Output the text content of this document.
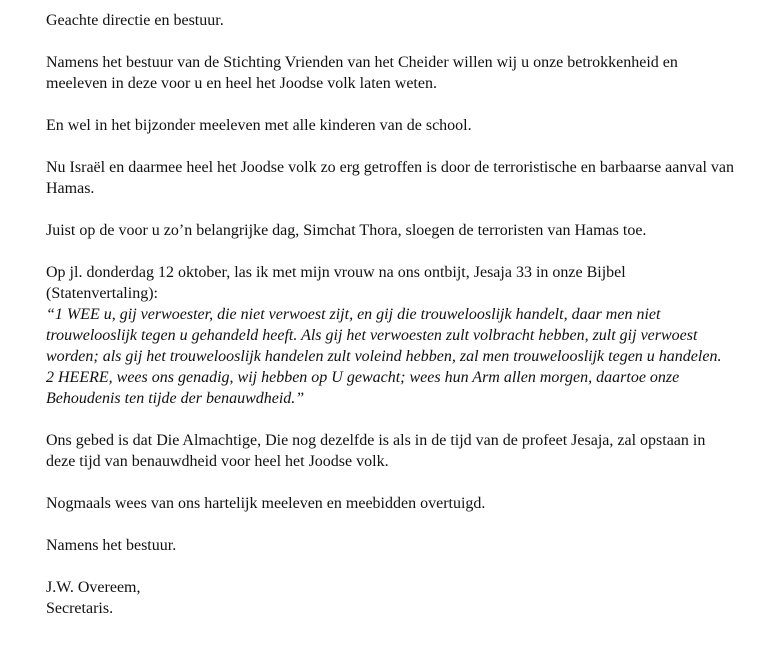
Geachte directie en bestuur.

Namens het bestuur van de Stichting Vrienden van het Cheider willen wij u onze betrokkenheid en meeleven in deze voor u en heel het Joodse volk laten weten.

En wel in het bijzonder meeleven met alle kinderen van de school.

Nu Israël en daarmee heel het Joodse volk zo erg getroffen is door de terroristische en barbaarse aanval van Hamas.

Juist op de voor u zo’n belangrijke dag, Simchat Thora, sloegen de terroristen van Hamas toe.

Op jl. donderdag 12 oktober, las ik met mijn vrouw na ons ontbijt, Jesaja 33 in onze Bijbel (Statenvertaling):

“1 WEE u, gij verwoester, die niet verwoest zijt, en gij die trouwelooslijk handelt, daar men niet trouwelooslijk tegen u gehandeld heeft. Als gij het verwoesten zult volbracht hebben, zult gij verwoest worden; als gij het trouwelooslijk handelen zult voleind hebben, zal men trouwelooslijk tegen u handelen.
2 HEERE, wees ons genadig, wij hebben op U gewacht; wees hun Arm allen morgen, daartoe onze Behoudenis ten tijde der benauwdheid.”

Ons gebed is dat Die Almachtige, Die nog dezelfde is als in de tijd van de profeet Jesaja, zal opstaan in deze tijd van benauwdheid voor heel het Joodse volk.

Nogmaals wees van ons hartelijk meeleven en meebidden overtuigd.

Namens het bestuur.

J.W. Overeem,

Secretaris.
